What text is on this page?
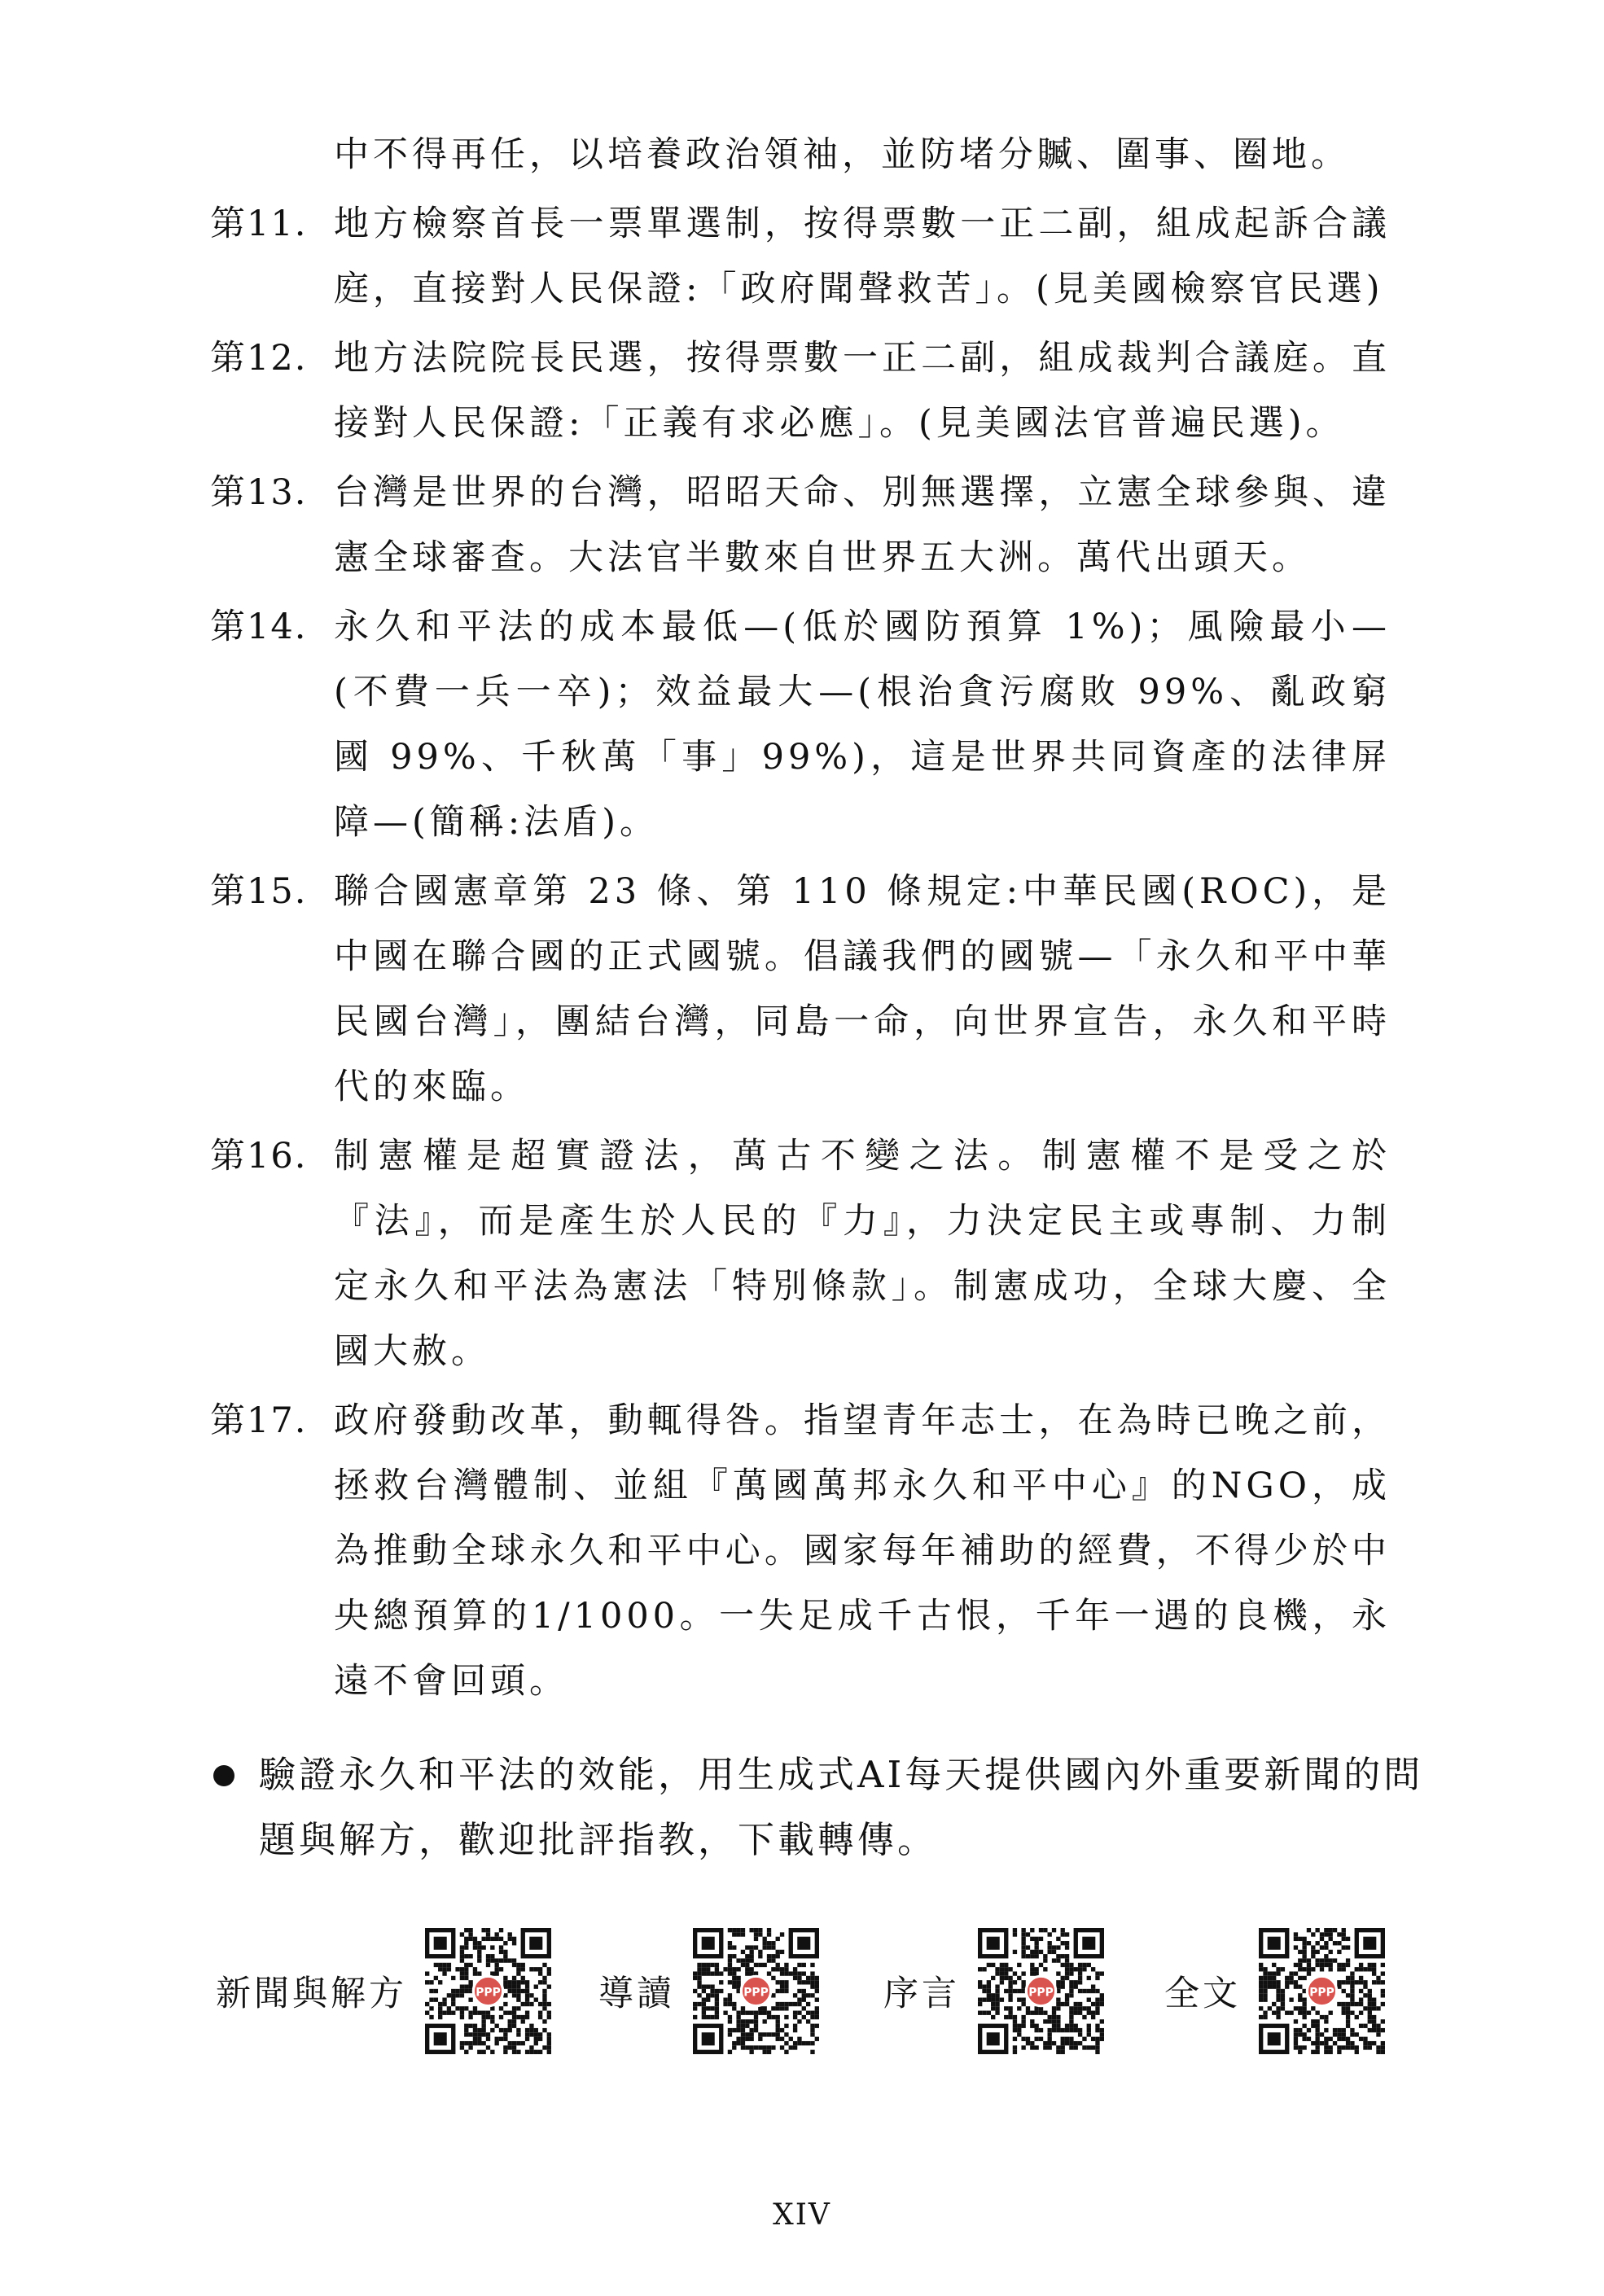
中不得再任，以培養政治領袖，並防堵分贓、圍事、圈地。
第11. 地方檢察首長一票單選制，按得票數一正二副，組成起訴合議庭，直接對人民保證:「政府聞聲救苦」。(見美國檢察官民選)
第12. 地方法院院長民選，按得票數一正二副，組成裁判合議庭。直接對人民保證:「正義有求必應」。(見美國法官普遍民選)。
第13. 台灣是世界的台灣，昭昭天命、別無選擇，立憲全球參與、違憲全球審查。大法官半數來自世界五大洲。萬代出頭天。
第14. 永久和平法的成本最低—(低於國防預算 1%)；風險最小—(不費一兵一卒)；效益最大—(根治貪污腐敗 99%、亂政窮國 99%、千秋萬「事」99%)，這是世界共同資產的法律屏障—(簡稱:法盾)。
第15. 聯合國憲章第 23 條、第 110 條規定:中華民國(ROC)，是中國在聯合國的正式國號。倡議我們的國號—「永久和平中華民國台灣」，團結台灣，同島一命，向世界宣告，永久和平時代的來臨。
第16. 制憲權是超實證法，萬古不變之法。制憲權不是受之於『法』，而是產生於人民的『力』，力決定民主或專制、力制定永久和平法為憲法「特別條款」。制憲成功，全球大慶、全國大赦。
第17. 政府發動改革，動輒得咎。指望青年志士，在為時已晚之前，拯救台灣體制、並組『萬國萬邦永久和平中心』的NGO，成為推動全球永久和平中心。國家每年補助的經費，不得少於中央總預算的1/1000。一失足成千古恨，千年一遇的良機，永遠不會回頭。
驗證永久和平法的效能，用生成式AI每天提供國內外重要新聞的問題與解方，歡迎批評指教，下載轉傳。
新聞與解方	PPP	導讀	PPP	序言	PPP	全文	PPP
XIV
